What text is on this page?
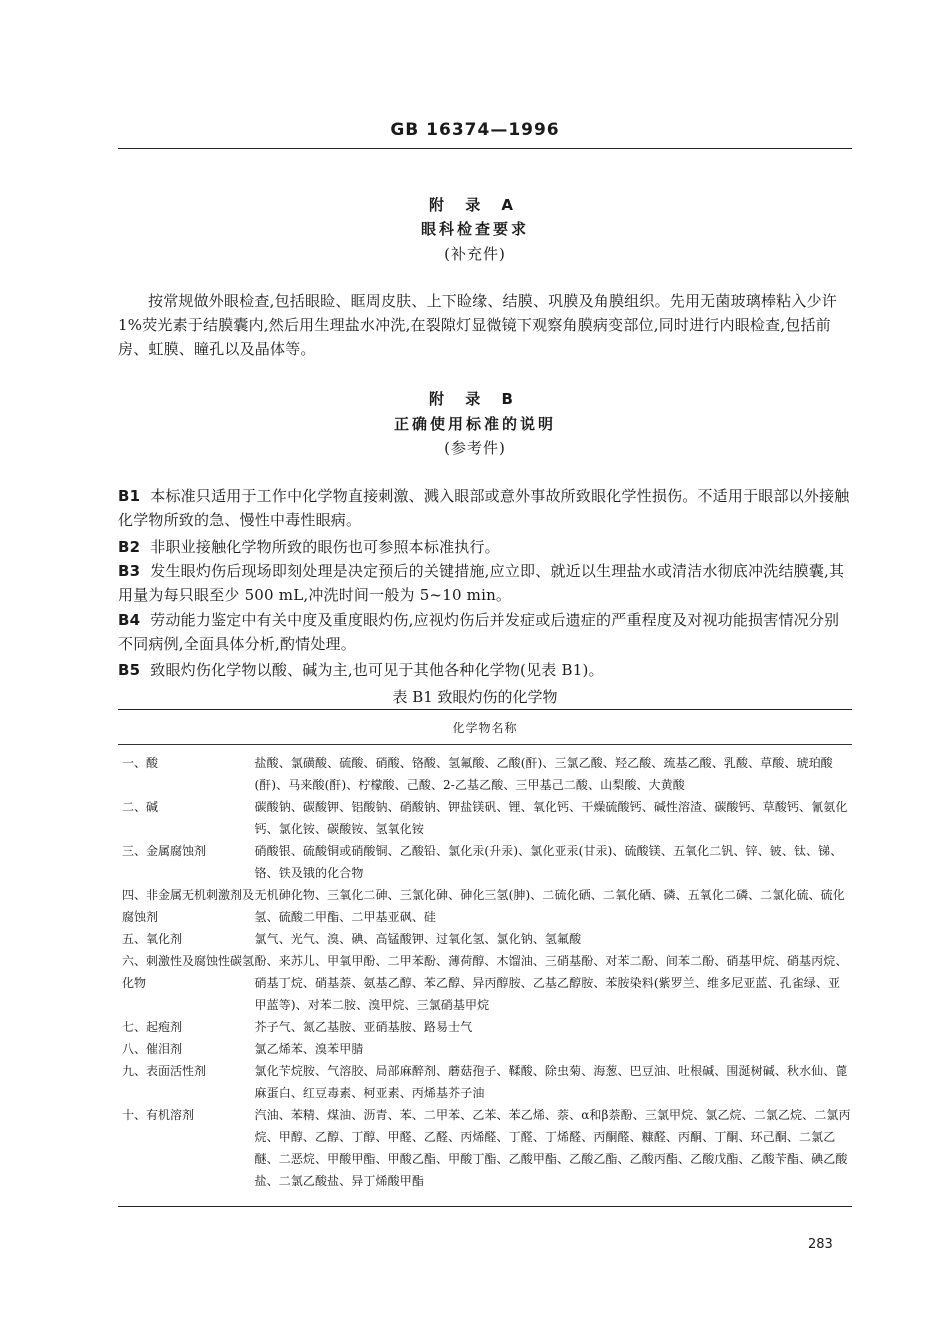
GB 16374—1996
附 录 A
眼科检查要求
(补充件)
按常规做外眼检查,包括眼睑、眶周皮肤、上下睑缘、结膜、巩膜及角膜组织。先用无菌玻璃棒粘入少许1%荧光素于结膜囊内,然后用生理盐水冲洗,在裂隙灯显微镜下观察角膜病变部位,同时进行内眼检查,包括前房、虹膜、瞳孔以及晶体等。
附 录 B
正确使用标准的说明
(参考件)
B1 本标准只适用于工作中化学物直接刺激、溅入眼部或意外事故所致眼化学性损伤。不适用于眼部以外接触化学物所致的急、慢性中毒性眼病。
B2 非职业接触化学物所致的眼伤也可参照本标准执行。
B3 发生眼灼伤后现场即刻处理是决定预后的关键措施,应立即、就近以生理盐水或清洁水彻底冲洗结膜囊,其用量为每只眼至少 500 mL,冲洗时间一般为 5~10 min。
B4 劳动能力鉴定中有关中度及重度眼灼伤,应视灼伤后并发症或后遗症的严重程度及对视功能损害情况分别不同病例,全面具体分析,酌情处理。
B5 致眼灼伤化学物以酸、碱为主,也可见于其他各种化学物(见表 B1)。
表 B1 致眼灼伤的化学物
化学物名称
一、酸	盐酸、氯磺酸、硫酸、硝酸、铬酸、氢氟酸、乙酸(酐)、三氯乙酸、羟乙酸、巯基乙酸、乳酸、草酸、琥珀酸(酐)、马来酸(酐)、柠檬酸、己酸、2-乙基乙酸、三甲基己二酸、山梨酸、大黄酸
二、碱	碳酸钠、碳酸钾、铝酸钠、硝酸钠、钾盐镁矾、锂、氧化钙、干燥硫酸钙、碱性溶渣、碳酸钙、草酸钙、氰氨化钙、氯化铵、碳酸铵、氢氧化铵
三、金属腐蚀剂	硝酸银、硫酸铜或硝酸铜、乙酸铅、氯化汞(升汞)、氯化亚汞(甘汞)、硫酸镁、五氧化二钒、锌、铍、钛、锑、铬、铁及锇的化合物
四、非金属无机刺激剂及腐蚀剂	无机砷化物、三氧化二砷、三氯化砷、砷化三氢(胂)、二硫化硒、二氧化硒、磷、五氧化二磷、二氯化硫、硫化氢、硫酸二甲酯、二甲基亚砜、硅
五、氧化剂	氯气、光气、溴、碘、高锰酸钾、过氧化氢、氯化钠、氢氟酸
六、刺激性及腐蚀性碳氢化物	酚、来苏儿、甲氧甲酚、二甲苯酚、薄荷醇、木馏油、三硝基酚、对苯二酚、间苯二酚、硝基甲烷、硝基丙烷、硝基丁烷、硝基萘、氨基乙醇、苯乙醇、异丙醇胺、乙基乙醇胺、苯胺染料(紫罗兰、维多尼亚蓝、孔雀绿、亚甲蓝等)、对苯二胺、溴甲烷、三氯硝基甲烷
七、起疱剂	芥子气、氮乙基胺、亚硝基胺、路易士气
八、催泪剂	氯乙烯苯、溴苯甲腈
九、表面活性剂	氯化苄烷胺、气溶胶、局部麻醉剂、蘑菇孢子、鞣酸、除虫菊、海葱、巴豆油、吐根碱、围涎树碱、秋水仙、蓖麻蛋白、红豆毒素、柯亚素、丙烯基芥子油
十、有机溶剂	汽油、苯精、煤油、沥青、苯、二甲苯、乙苯、苯乙烯、萘、α和β萘酚、三氯甲烷、氯乙烷、二氯乙烷、二氯丙烷、甲醇、乙醇、丁醇、甲醛、乙醛、丙烯醛、丁醛、丁烯醛、丙酮醛、糠醛、丙酮、丁酮、环己酮、二氯乙醚、二恶烷、甲酸甲酯、甲酸乙酯、甲酸丁酯、乙酸甲酯、乙酸乙酯、乙酸丙酯、乙酸戊酯、乙酸苄酯、碘乙酸盐、二氯乙酸盐、异丁烯酸甲酯
283
